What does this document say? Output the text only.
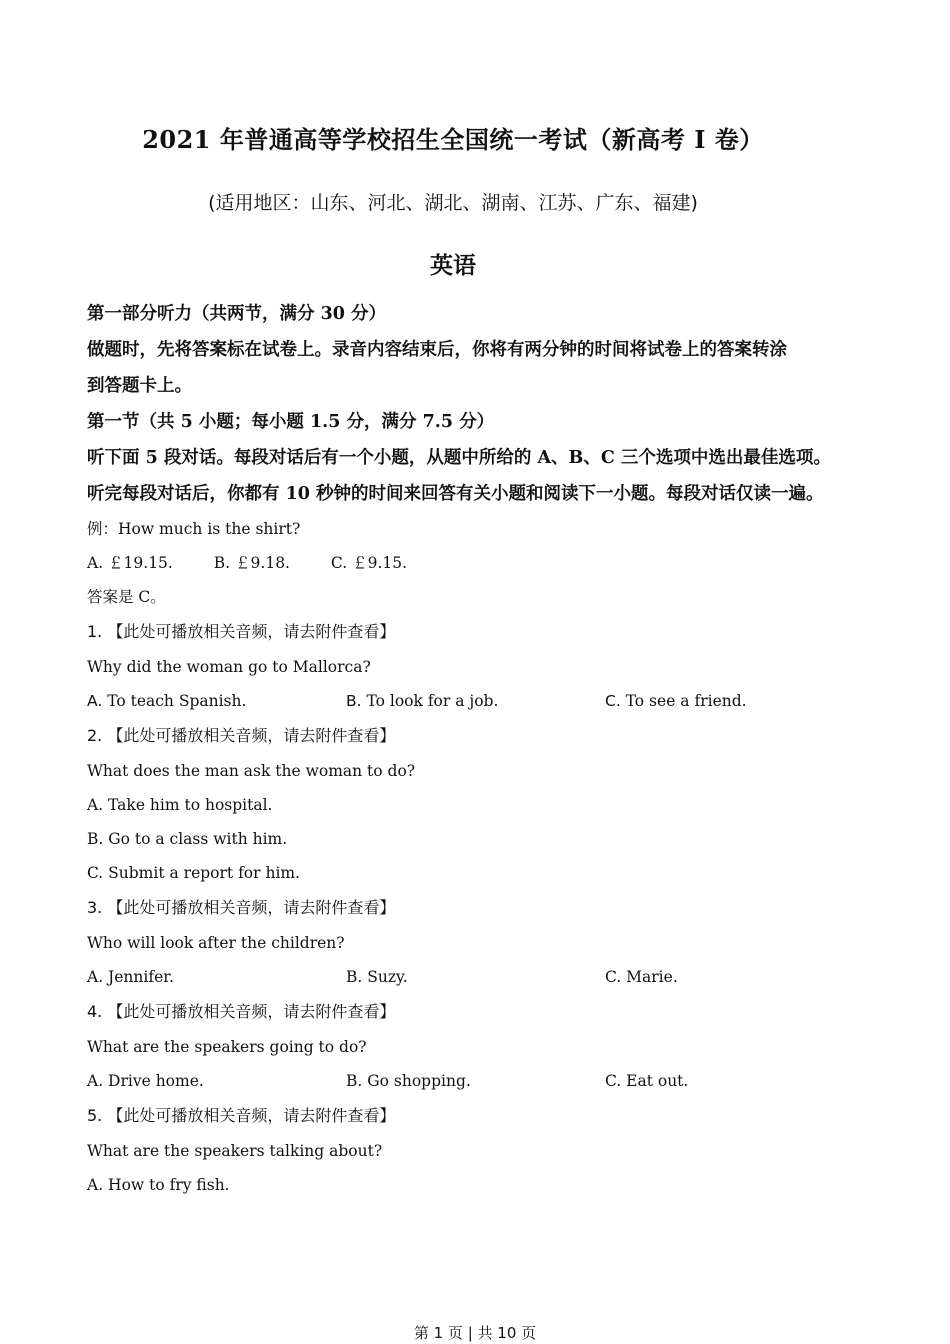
2021 年普通高等学校招生全国统一考试（新高考 I 卷）
(适用地区：山东、河北、湖北、湖南、江苏、广东、福建)
英语
第一部分听力（共两节，满分 30 分）
做题时，先将答案标在试卷上。录音内容结束后，你将有两分钟的时间将试卷上的答案转涂
到答题卡上。
第一节（共 5 小题；每小题 1.5 分，满分 7.5 分）
听下面 5 段对话。每段对话后有一个小题，从题中所给的 A、B、C 三个选项中选出最佳选项。
听完每段对话后，你都有 10 秒钟的时间来回答有关小题和阅读下一小题。每段对话仅读一遍。
例：How much is the shirt?
A. ￡19.15.	B. ￡9.18.	C. ￡9.15.
答案是 C。
1. 【此处可播放相关音频，请去附件查看】
Why did the woman go to Mallorca?
A. To teach Spanish.	B. To look for a job.	C. To see a friend.
2. 【此处可播放相关音频，请去附件查看】
What does the man ask the woman to do?
A. Take him to hospital.
B. Go to a class with him.
C. Submit a report for him.
3. 【此处可播放相关音频，请去附件查看】
Who will look after the children?
A. Jennifer.	B. Suzy.	C. Marie.
4. 【此处可播放相关音频，请去附件查看】
What are the speakers going to do?
A. Drive home.	B. Go shopping.	C. Eat out.
5. 【此处可播放相关音频，请去附件查看】
What are the speakers talking about?
A. How to fry fish.
第 1 页 | 共 10 页
